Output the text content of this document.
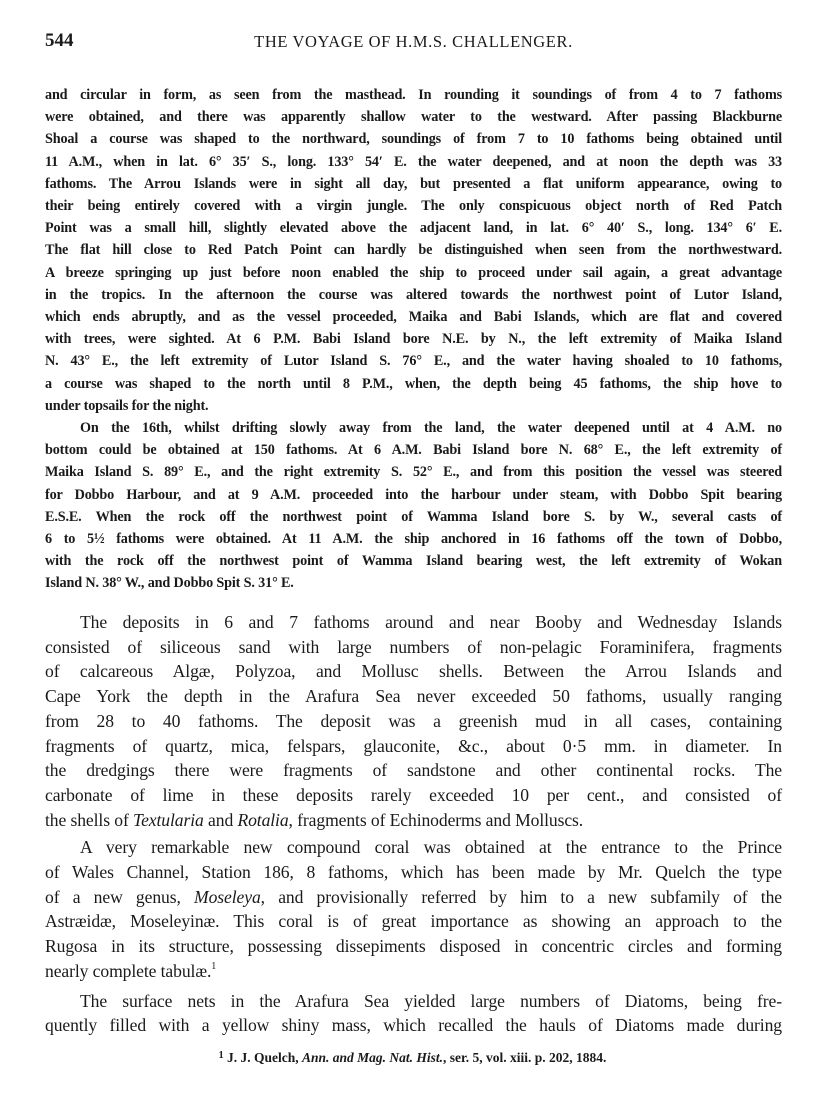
544	THE VOYAGE OF H.M.S. CHALLENGER.
and circular in form, as seen from the masthead. In rounding it soundings of from 4 to 7 fathoms
were obtained, and there was apparently shallow water to the westward. After passing Blackburne
Shoal a course was shaped to the northward, soundings of from 7 to 10 fathoms being obtained until
11 A.M., when in lat. 6° 35′ S., long. 133° 54′ E. the water deepened, and at noon the depth was 33
fathoms. The Arrou Islands were in sight all day, but presented a flat uniform appearance, owing to
their being entirely covered with a virgin jungle. The only conspicuous object north of Red Patch
Point was a small hill, slightly elevated above the adjacent land, in lat. 6° 40′ S., long. 134° 6′ E.
The flat hill close to Red Patch Point can hardly be distinguished when seen from the northwestward.
A breeze springing up just before noon enabled the ship to proceed under sail again, a great advantage
in the tropics. In the afternoon the course was altered towards the northwest point of Lutor Island,
which ends abruptly, and as the vessel proceeded, Maika and Babi Islands, which are flat and covered
with trees, were sighted. At 6 P.M. Babi Island bore N.E. by N., the left extremity of Maika Island
N. 43° E., the left extremity of Lutor Island S. 76° E., and the water having shoaled to 10 fathoms,
a course was shaped to the north until 8 P.M., when, the depth being 45 fathoms, the ship hove to
under topsails for the night.
On the 16th, whilst drifting slowly away from the land, the water deepened until at 4 A.M. no
bottom could be obtained at 150 fathoms. At 6 A.M. Babi Island bore N. 68° E., the left extremity of
Maika Island S. 89° E., and the right extremity S. 52° E., and from this position the vessel was steered
for Dobbo Harbour, and at 9 A.M. proceeded into the harbour under steam, with Dobbo Spit bearing
E.S.E. When the rock off the northwest point of Wamma Island bore S. by W., several casts of
6 to 5½ fathoms were obtained. At 11 A.M. the ship anchored in 16 fathoms off the town of Dobbo,
with the rock off the northwest point of Wamma Island bearing west, the left extremity of Wokan
Island N. 38° W., and Dobbo Spit S. 31° E.
The deposits in 6 and 7 fathoms around and near Booby and Wednesday Islands
consisted of siliceous sand with large numbers of non-pelagic Foraminifera, fragments
of calcareous Algæ, Polyzoa, and Mollusc shells. Between the Arrou Islands and
Cape York the depth in the Arafura Sea never exceeded 50 fathoms, usually ranging
from 28 to 40 fathoms. The deposit was a greenish mud in all cases, containing
fragments of quartz, mica, felspars, glauconite, &c., about 0·5 mm. in diameter. In
the dredgings there were fragments of sandstone and other continental rocks. The
carbonate of lime in these deposits rarely exceeded 10 per cent., and consisted of
the shells of Textularia and Rotalia, fragments of Echinoderms and Molluscs.
A very remarkable new compound coral was obtained at the entrance to the Prince
of Wales Channel, Station 186, 8 fathoms, which has been made by Mr. Quelch the type
of a new genus, Moseleya, and provisionally referred by him to a new subfamily of the
Astræidæ, Moseleyinæ. This coral is of great importance as showing an approach to the
Rugosa in its structure, possessing dissepiments disposed in concentric circles and forming
nearly complete tabulæ.$^1$
The surface nets in the Arafura Sea yielded large numbers of Diatoms, being fre-
quently filled with a yellow shiny mass, which recalled the hauls of Diatoms made during
$^1$ J. J. Quelch, Ann. and Mag. Nat. Hist., ser. 5, vol. xiii. p. 202, 1884.
